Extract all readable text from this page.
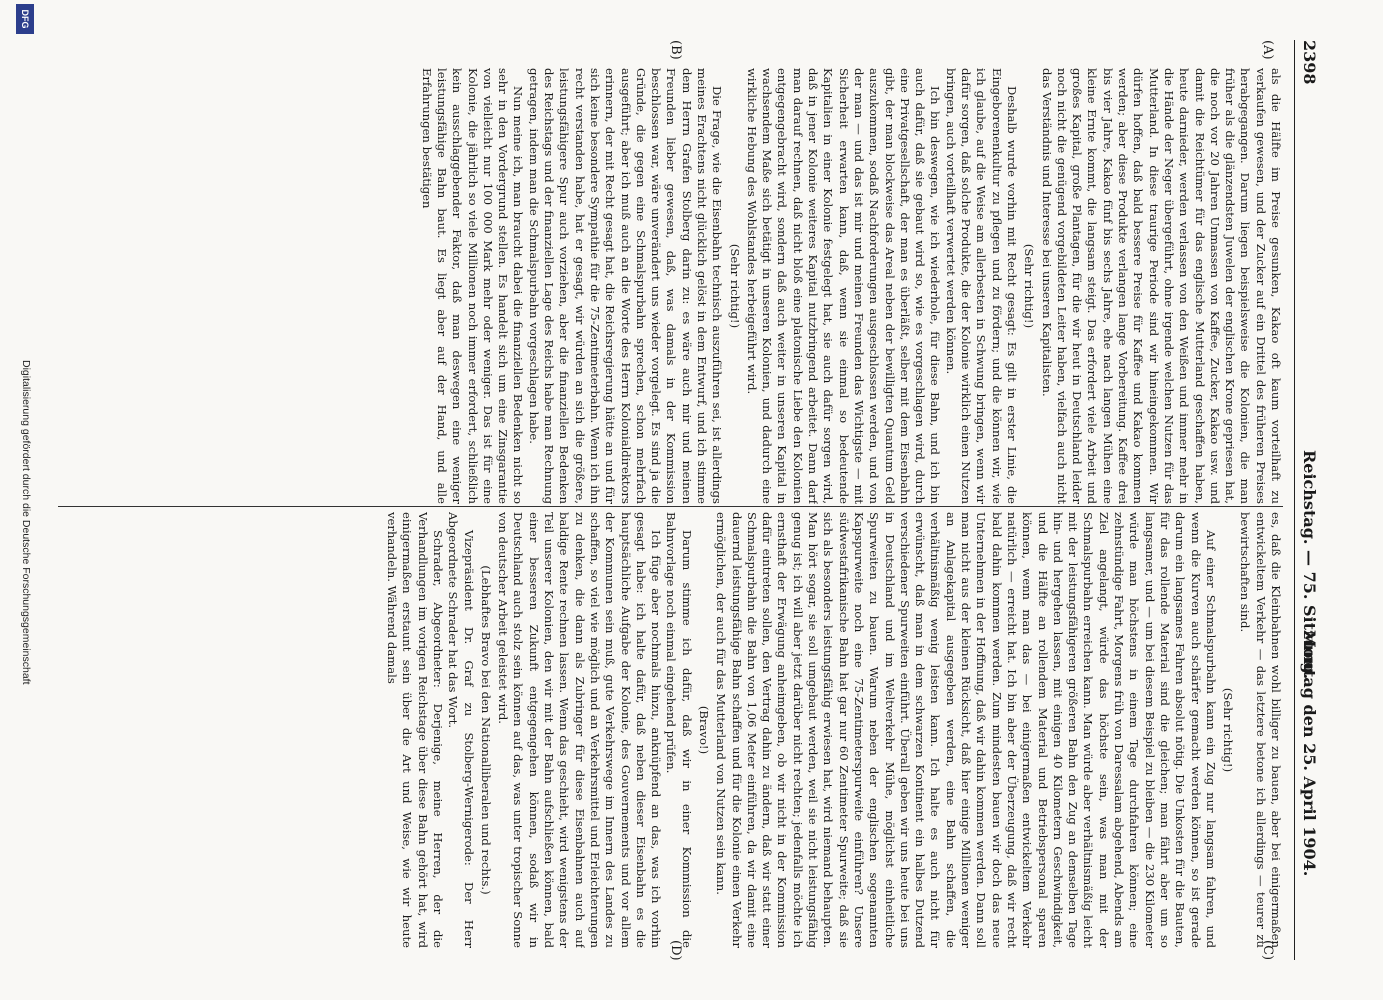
2398
Reichstag. — 75. Sitzung.
Montag den 25. April 1904.
(A)
(B)
(C)
(D)

als die Hälfte im Preise gesunken, Kakao oft kaum vorteilhaft zu verkaufen gewesen, und der Zucker auf ein Drittel des früheren Preises herabgegangen. Darum liegen beispielsweise die Kolonien, die man früher als die glänzendsten Juwelen der englischen Krone gepriesen hat, die noch vor 20 Jahren Unmassen von Kaffee, Zucker, Kakao usw. und damit die Reichtümer für das englische Mutterland geschaffen haben, heute darnieder, werden verlassen von den Weißen und immer mehr in die Hände der Neger übergeführt, ohne irgende welchen Nutzen für das Mutterland. In diese traurige Periode sind wir hineingekommen. Wir dürfen hoffen, daß bald bessere Preise für Kaffee und Kakao kommen werden; aber diese Produkte verlangen lange Vorbereitung. Kaffee drei bis vier Jahre, Kakao fünf bis sechs Jahre, ehe nach langen Mühen eine kleine Ernte kommt, die langsam steigt. Das erfordert viele Arbeit und großes Kapital, große Plantagen, für die wir heut in Deutschland leider noch nicht die genügend vorgebildeten Leiter haben, vielfach auch nicht das Verständnis und Interesse bei unseren Kapitalisten.

(Sehr richtig!)

Deshalb wurde vorhin mit Recht gesagt: Es gilt in erster Linie, die Eingeborenenkultur zu pflegen und zu fördern; und die können wir, wie ich glaube, auf die Weise am allerbesten in Schwung bringen, wenn wir dafür sorgen, daß solche Produkte, die der Kolonie wirklich einen Nutzen bringen, auch vorteilhaft verwertet werden können.

Ich bin deswegen, wie ich wiederhole, für diese Bahn, und ich bin auch dafür, daß sie gebaut wird so, wie es vorgeschlagen wird, durch eine Privatgesellschaft, der man es überläßt, selber mit dem Eisenbahn gibt, der man blockweise das Areal neben der bewilligten Quantum Geld auszukommen, sodaß Nachforderungen ausgeschlossen werden, und von der man — und das ist mir und meinen Freunden das Wichtigste — mit Sicherheit erwarten kann, daß, wenn sie einmal so bedeutende Kapitalien in einer Kolonie festgelegt hat, sie auch dafür sorgen wird, daß in jener Kolonie weiteres Kapital nutzbringend arbeitet. Dann darf man darauf rechnen, daß nicht bloß eine platonische Liebe den Kolonien entgegengebracht wird, sondern daß auch weiter in unseren Kapital in wachsendem Maße sich betätigt in unseren Kolonien, und dadurch eine wirkliche Hebung des Wohlstandes herbeigeführt wird.

(Sehr richtig!)

Die Frage, wie die Eisenbahn technisch auszuführen sei, ist allerdings meines Erachtens nicht glücklich gelöst in dem Entwurf, und ich stimme dem Herrn Grafen Stolberg darin zu: es wäre auch mir und meinen Freunden lieber gewesen, daß, was damals in der Kommission beschlossen war, wäre unverändert uns wieder vorgelegt. Es sind ja die Gründe, die gegen eine Schmalspurbahn sprechen, schon mehrfach ausgeführt; aber ich muß auch an die Worte des Herrn Kolonialdirektors erinnern, der mit Recht gesagt hat, die Reichsregierung hätte an und für sich keine besondere Sympathie für die 75-Zentimeterbahn. Wenn ich ihn recht verstanden habe, hat er gesagt, wir würden an sich die größere, leistungsfähigere Spur auch vorziehen, aber die finanziellen Bedenken des Reichstags und der finanziellen Lage des Reichs habe man Rechnung getragen, indem man die Schmalspurbahn vorgeschlagen habe.

Nun meine ich, man braucht dabei die finanziellen Bedenken nicht so sehr in den Vordergrund stellen. Es handelt sich um eine Zinsgarantie von vielleicht nur 100 000 Mark mehr oder weniger. Das ist für eine Kolonie, die jährlich so viele Millionen noch immer erfordert, schließlich kein ausschlaggebender Faktor, daß man deswegen eine weniger leistungsfähige Bahn baut. Es liegt aber auf der Hand, und alle Erfahrungen bestätigen

es, daß die Kleinbahnen wohl billiger zu bauen, aber bei einigermaßen entwickeltem Verkehr — das letztere betone ich allerdings — teurer zu bewirtschaften sind.

(Sehr richtig!)

Auf einer Schmalspurbahn kann ein Zug nur langsam fahren, und wenn die Kurven auch schärfer gemacht werden können, so ist gerade darum ein langsames Fahren absolut nötig. Die Unkosten für die Bauten, für das rollende Material sind die gleichen; man fährt aber um so langsamer, und — um bei diesem Beispiel zu bleiben — die 230 Kilometer würde man höchstens in einem Tage durchfahren können; eine zehnstündige Fahrt, Morgens früh von Daressalam abgehend, Abends am Ziel angelangt, würde das höchste sein, was man mit der Schmalspurbahn erreichen kann. Man würde aber verhältnismäßig leicht mit der leistungsfähigeren größeren Bahn den Zug an demselben Tage hin- und hergehen lassen, mit einigen 40 Kilometern Geschwindigkeit, und die Hälfte an rollendem Material und Betriebspersonal sparen können, wenn man das — bei einigermaßen entwickeltem Verkehr natürlich — erreicht hat. Ich bin aber der Überzeugung, daß wir recht bald dahin kommen werden. Zum mindesten bauen wir doch das neue Unternehmen in der Hoffnung, daß wir dahin kommen werden. Dann soll man nicht aus der kleinen Rücksicht, daß hier einige Millionen weniger an Anlagekapital ausgegeben werden, eine Bahn schaffen, die verhältnismäßig wenig leisten kann. Ich halte es auch nicht für erwünscht, daß man in dem schwarzen Kontinent ein halbes Dutzend verschiedener Spurweiten einführt. Überall geben wir uns heute bei uns in Deutschland und im Weltverkehr Mühe, möglichst einheitliche Spurweiten zu bauen. Warum neben der englischen sogenannten Kapspurweite noch eine 75-Zentimeterspurweite einführen? Unsere südwestafrikanische Bahn hat gar nur 60 Zentimeter Spurweite; daß sie sich als besonders leistungsfähig erwiesen hat, wird niemand behaupten. Man hört sogar, sie soll umgebaut werden, weil sie nicht leistungsfähig genug ist; ich will aber jetzt darüber nicht rechten; jedenfalls möchte ich ernsthaft der Erwägung anheimgeben, ob wir nicht in der Kommission dafür eintreten sollen, den Vertrag dahin zu ändern, daß wir statt einer Schmalspurbahn die Bahn von 1,06 Meter einführen, da wir damit eine dauernd leistungsfähige Bahn schaffen und für die Kolonie einen Verkehr ermöglichen, der auch für das Mutterland von Nutzen sein kann.

(Bravo!)

Darum stimme ich dafür, daß wir in einer Kommission die Bahnvorlage noch einmal eingehend prüfen.

Ich füge aber nochmals hinzu, anknüpfend an das, was ich vorhin gesagt habe: ich halte dafür, daß neben dieser Eisenbahn es die hauptsächliche Aufgabe der Kolonie, des Gouvernements und vor allem der Kommunen sein muß, gute Verkehrswege im Innern des Landes zu schaffen, so viel wie möglich und an Verkehrsmittel und Erleichterungen zu denken, die dann als Zubringer für diese Eisenbahnen auch auf baldige Rente rechnen lassen. Wenn das geschieht, wird wenigstens der Teil unserer Kolonien, den wir mit der Bahn aufschließen können, bald einer besseren Zukunft entgegengehen können, sodaß wir in Deutschland auch stolz sein können auf das, was unter tropischer Sonne von deutscher Arbeit geleistet wird.

(Lebhaftes Bravo bei den Nationalliberalen und rechts.)

Vizepräsident Dr. Graf zu Stolberg-Wernigerode: Der Herr Abgeordnete Schrader hat das Wort.

Schrader, Abgeordneter: Derjenige, meine Herren, der die Verhandlungen im vorigen Reichstage über diese Bahn gehört hat, wird einigermaßen erstaunt sein über die Art und Weise, wie wir heute verhandeln. Während damals

DFG
Digitalisierung gefördert durch die Deutsche Forschungsgemeinschaft
